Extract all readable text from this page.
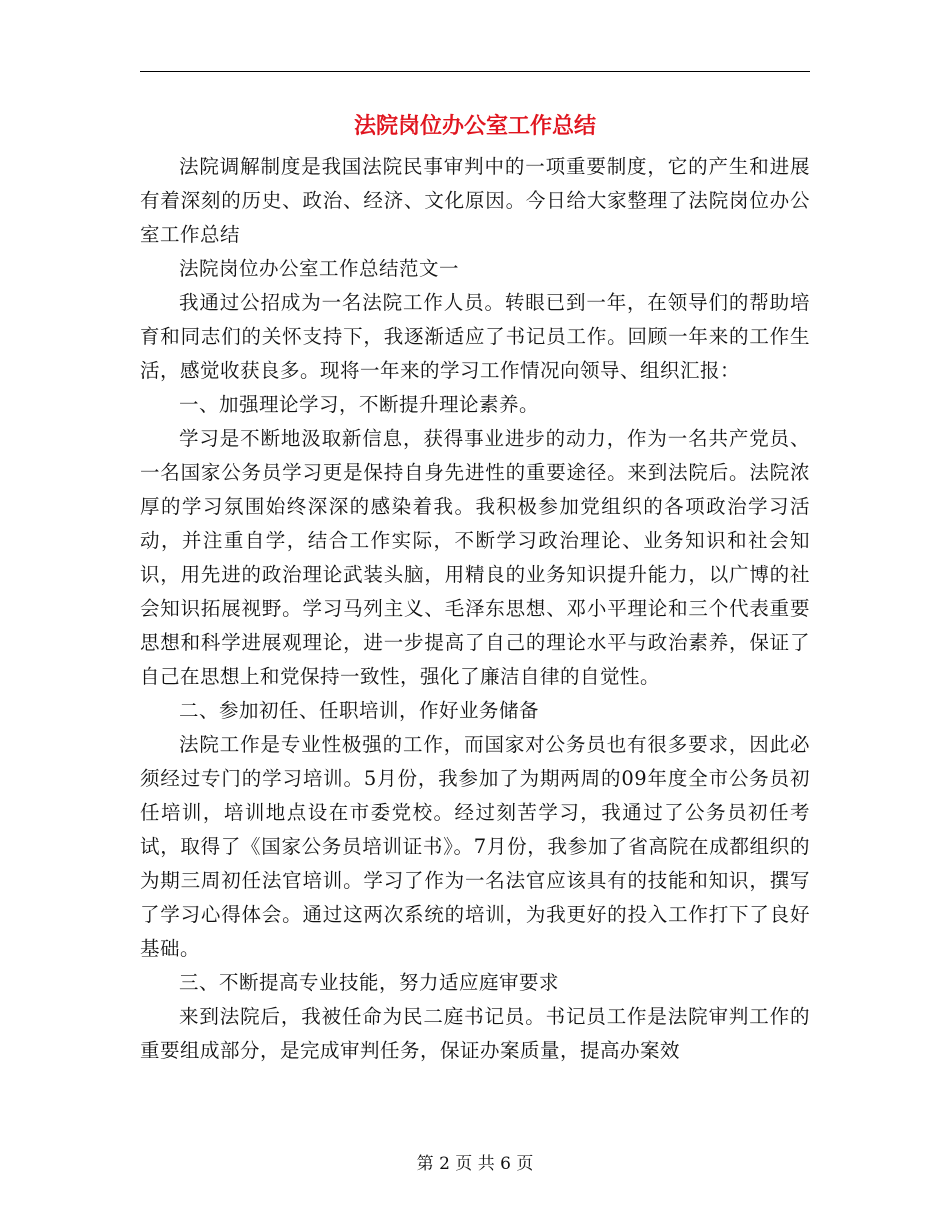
法院岗位办公室工作总结

法院调解制度是我国法院民事审判中的一项重要制度，它的产生和进展有着深刻的历史、政治、经济、文化原因。今日给大家整理了法院岗位办公室工作总结

法院岗位办公室工作总结范文一

我通过公招成为一名法院工作人员。转眼已到一年，在领导们的帮助培育和同志们的关怀支持下，我逐渐适应了书记员工作。回顾一年来的工作生活，感觉收获良多。现将一年来的学习工作情况向领导、组织汇报：

一、加强理论学习，不断提升理论素养。

学习是不断地汲取新信息，获得事业进步的动力，作为一名共产党员、一名国家公务员学习更是保持自身先进性的重要途径。来到法院后。法院浓厚的学习氛围始终深深的感染着我。我积极参加党组织的各项政治学习活动，并注重自学，结合工作实际，不断学习政治理论、业务知识和社会知识，用先进的政治理论武装头脑，用精良的业务知识提升能力，以广博的社会知识拓展视野。学习马列主义、毛泽东思想、邓小平理论和三个代表重要思想和科学进展观理论，进一步提高了自己的理论水平与政治素养，保证了自己在思想上和党保持一致性，强化了廉洁自律的自觉性。

二、参加初任、任职培训，作好业务储备

法院工作是专业性极强的工作，而国家对公务员也有很多要求，因此必须经过专门的学习培训。5月份，我参加了为期两周的09年度全市公务员初任培训，培训地点设在市委党校。经过刻苦学习，我通过了公务员初任考试，取得了《国家公务员培训证书》。7月份，我参加了省高院在成都组织的为期三周初任法官培训。学习了作为一名法官应该具有的技能和知识，撰写了学习心得体会。通过这两次系统的培训，为我更好的投入工作打下了良好基础。

三、不断提高专业技能，努力适应庭审要求

来到法院后，我被任命为民二庭书记员。书记员工作是法院审判工作的重要组成部分，是完成审判任务，保证办案质量，提高办案效

第 2 页 共 6 页
